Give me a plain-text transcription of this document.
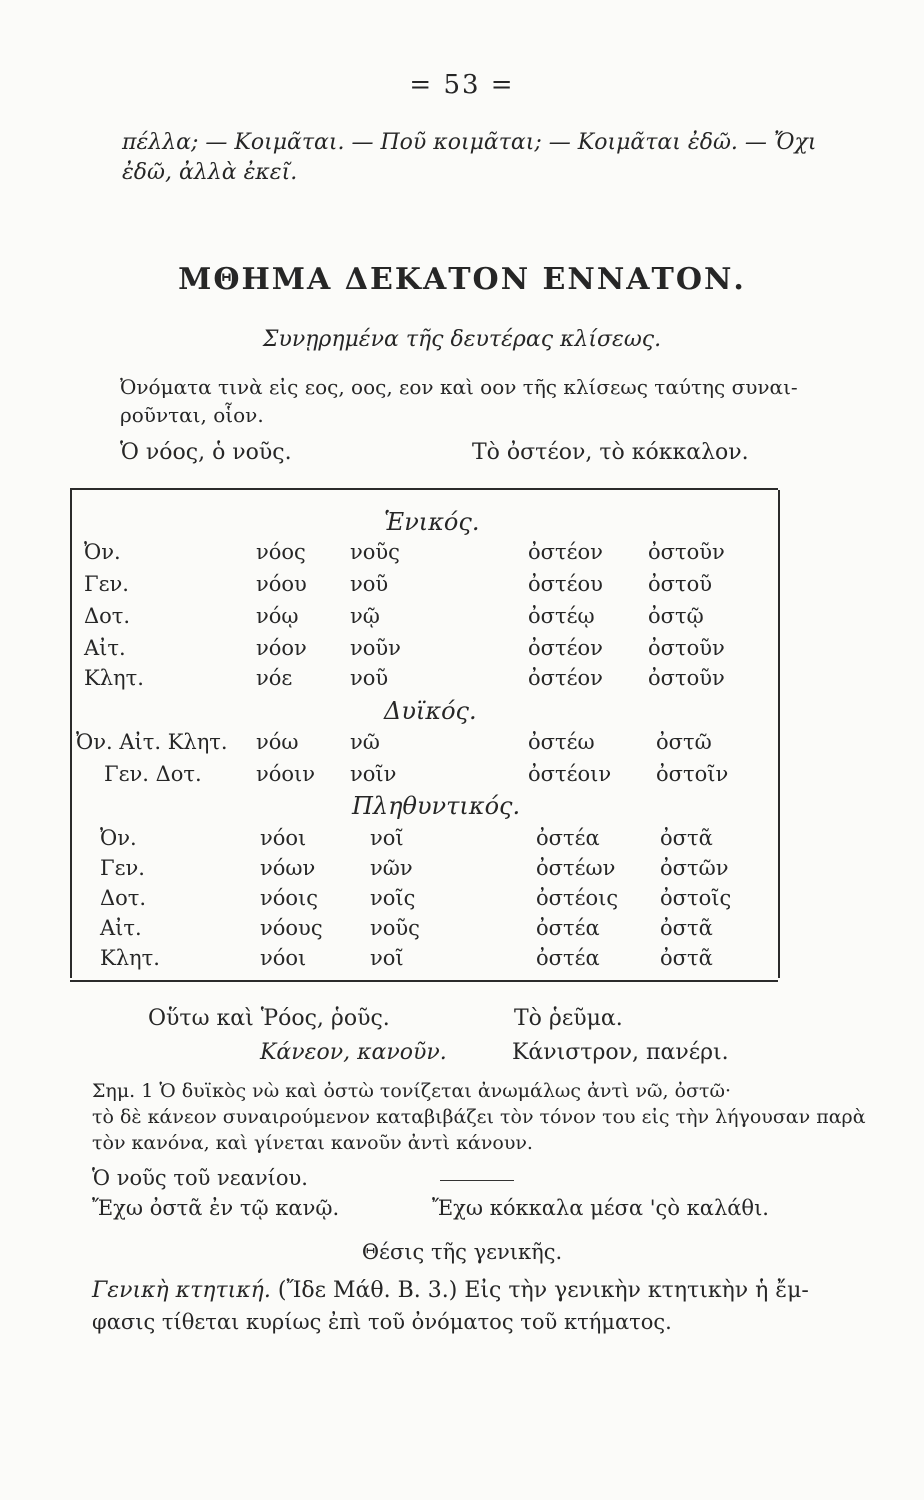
= 53 =
πέλλα; — Κοιμᾶται. — Ποῦ κοιμᾶται; — Κοιμᾶται ἐδῶ. — Ὄχι
ἐδῶ, ἀλλὰ ἐκεῖ.
ΜΘΗΜΑ ΔΕΚΑΤΟΝ ΕΝΝΑΤΟΝ.
Συνῃρημένα τῆς δευτέρας κλίσεως.
Ὀνόματα τινὰ εἰς εος, οος, εον καὶ οον τῆς κλίσεως ταύτης συναι-
ροῦνται, οἷον.
Ὁ νόος, ὁ νοῦς.	Τὸ ὀστέον, τὸ κόκκαλον.
Ἑνικός.
Ὀν.	νόος νοῦς	ὀστέον ὀστοῦν
Γεν.	νόου νοῦ	ὀστέου ὀστοῦ
Δοτ.	νόῳ νῷ	ὀστέῳ	ὀστῷ
Αἰτ.	νόον νοῦν	ὀστέον ὀστοῦν
Κλητ.	νόε	νοῦ	ὀστέον ὀστοῦν
Δυϊκός.
Ὀν. Αἰτ. Κλητ. νόω νῶ	ὀστέω	ὀστῶ
Γεν. Δοτ.	νόοιν νοῖν	ὀστέοιν ὀστοῖν
Πληθυντικός.
Ὀν.	νόοι	νοῖ	ὀστέα	ὀστᾶ
Γεν.	νόων	νῶν	ὀστέων ὀστῶν
Δοτ.	νόοις νοῖς	ὀστέοις ὀστοῖς
Αἰτ.	νόους νοῦς	ὀστέα	ὀστᾶ
Κλητ.	νόοι	νοῖ	ὀστέα	ὀστᾶ
Οὕτω καὶ Ῥόος, ῥοῦς.	Τὸ ῥεῦμα.
Κάνεον, κανοῦν.	Κάνιστρον, πανέρι.
Σημ. 1 Ὁ δυϊκὸς νὼ καὶ ὀστὼ τονίζεται ἀνωμάλως ἀντὶ νῶ, ὀστῶ·
τὸ δὲ κάνεον συναιρούμενον καταβιβάζει τὸν τόνον του εἰς τὴν λήγουσαν παρὰ
τὸν κανόνα, καὶ γίνεται κανοῦν ἀντὶ κάνουν.
Ὁ νοῦς τοῦ νεανίου.
Ἔχω ὀστᾶ ἐν τῷ κανῷ.	Ἔχω κόκκαλα μέσα 'ςὸ καλάθι.
Θέσις τῆς γενικῆς.
Γενικὴ κτητική. (Ἴδε Μάθ. Β. 3.) Εἰς τὴν γενικὴν κτητικὴν ἡ ἔμ-
φασις τίθεται κυρίως ἐπὶ τοῦ ὀνόματος τοῦ κτήματος.
